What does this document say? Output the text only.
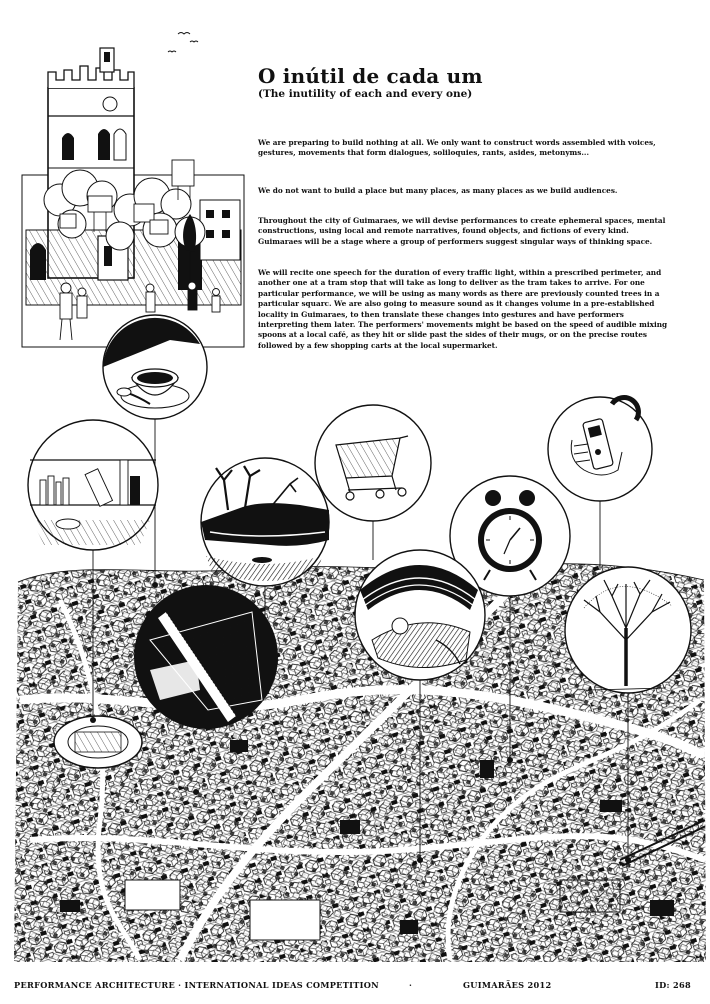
O inútil de cada um
(The inutility of each and every one)

We are preparing to build nothing at all. We only want to construct words assembled with voices, gestures, movements that form dialogues, soliloquies, rants, asides, metonyms...

We do not want to build a place but many places, as many places as we build audiences.

Throughout the city of Guimaraes, we will devise performances to create ephemeral spaces, mental constructions, using local and remote narratives, found objects, and fictions of every kind. Guimaraes will be a stage where a group of performers suggest singular ways of thinking space.

We will recite one speech for the duration of every traffic light, within a prescribed perimeter, and another one at a tram stop that will take as long to deliver as the tram takes to arrive. For one particular performance, we will be using as many words as there are previously counted trees in a particular squarc. We are also going to measure sound as it changes volume in a pre-established locality in Guimaraes, to then translate these changes into gestures and have performers interpreting them later. The performers' movements might be based on the speed of audible mixing spoons at a local café, as they hit or slide past the sides of their mugs, or on the precise routes followed by a few shopping carts at the local supermarket.

PERFORMANCE ARCHITECTURE · INTERNATIONAL IDEAS COMPETITION	·	GUIMARÃES 2012	ID: 268
